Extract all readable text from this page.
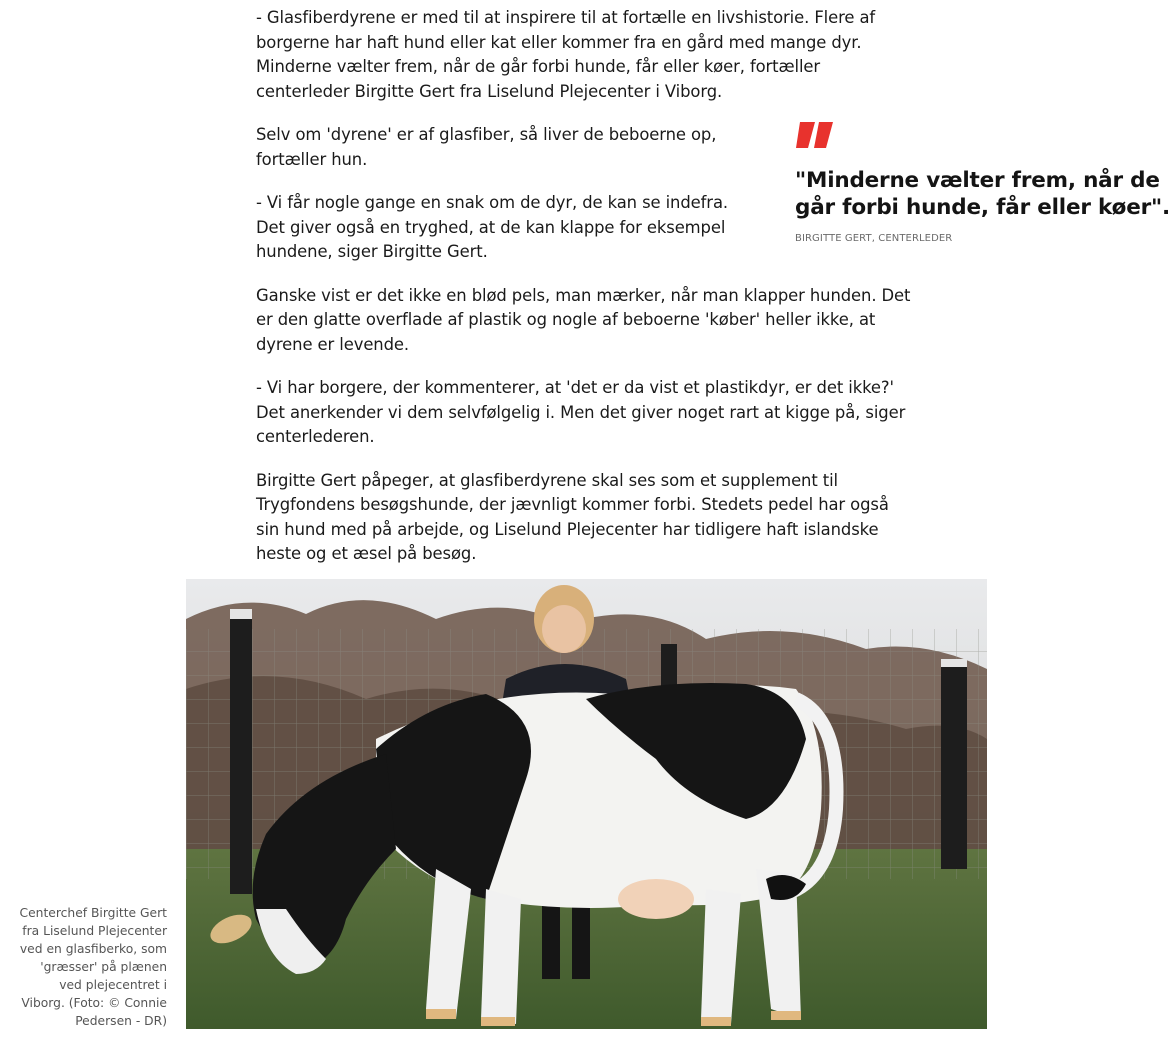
- Glasfiberdyrene er med til at inspirere til at fortælle en livshistorie. Flere af borgerne har haft hund eller kat eller kommer fra en gård med mange dyr. Minderne vælter frem, når de går forbi hunde, får eller køer, fortæller centerleder Birgitte Gert fra Liselund Plejecenter i Viborg.

Selv om 'dyrene' er af glasfiber, så liver de beboerne op, fortæller hun.

- Vi får nogle gange en snak om de dyr, de kan se indefra. Det giver også en tryghed, at de kan klappe for eksempel hundene, siger Birgitte Gert.

Ganske vist er det ikke en blød pels, man mærker, når man klapper hunden. Det er den glatte overflade af plastik og nogle af beboerne 'køber' heller ikke, at dyrene er levende.

- Vi har borgere, der kommenterer, at 'det er da vist et plastikdyr, er det ikke?' Det anerkender vi dem selvfølgelig i. Men det giver noget rart at kigge på, siger centerlederen.

Birgitte Gert påpeger, at glasfiberdyrene skal ses som et supplement til Trygfondens besøgshunde, der jævnligt kommer forbi. Stedets pedel har også sin hund med på arbejde, og Liselund Plejecenter har tidligere haft islandske heste og et æsel på besøg.

"Minderne vælter frem, når de
går forbi hunde, får eller køer".
BIRGITTE GERT, CENTERLEDER
Centerchef Birgitte Gert fra Liselund Plejecenter ved en glasfiberko, som 'græsser' på plænen ved plejecentret i Viborg. (Foto: © Connie Pedersen - DR)
